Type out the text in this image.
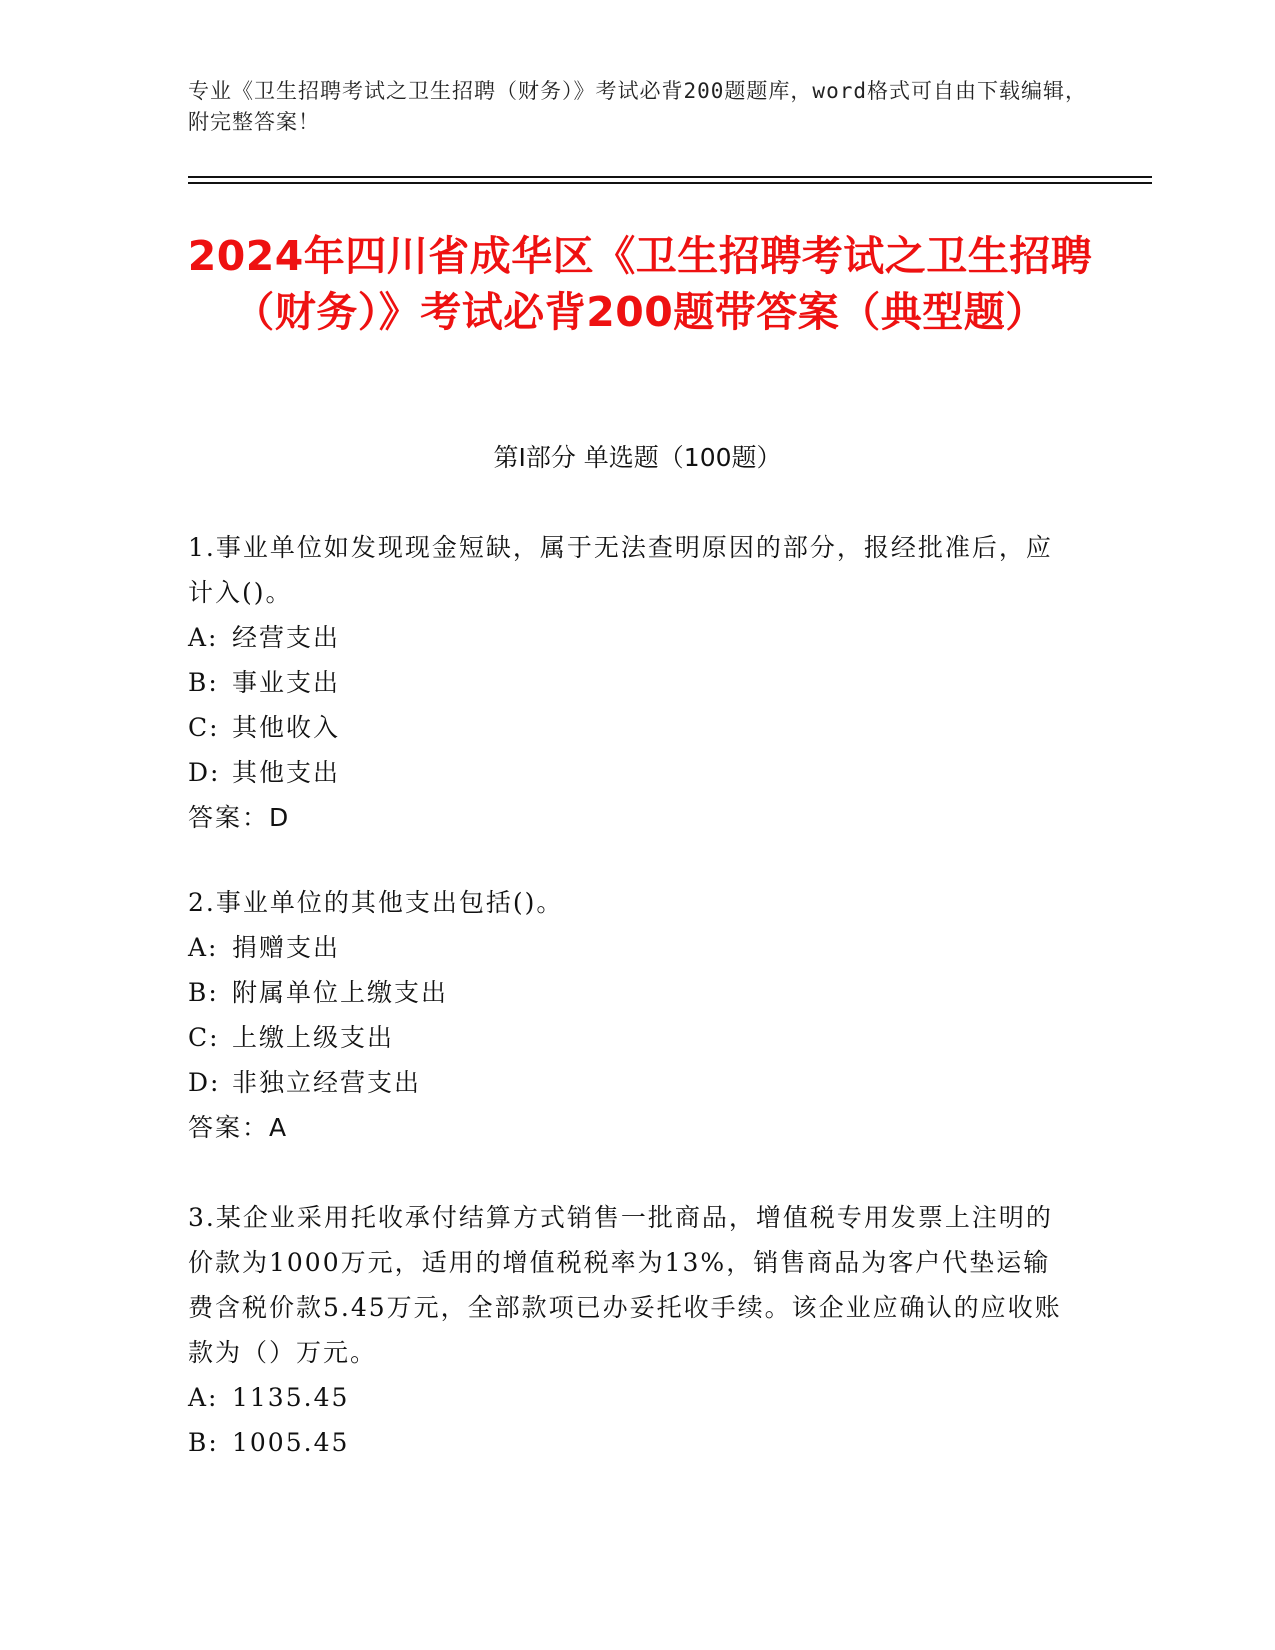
专业《卫生招聘考试之卫生招聘（财务）》考试必背200题题库，word格式可自由下载编辑，附完整答案！
2024年四川省成华区《卫生招聘考试之卫生招聘（财务）》考试必背200题带答案（典型题）
第Ⅰ部分 单选题（100题）
1.事业单位如发现现金短缺，属于无法查明原因的部分，报经批准后，应计入()。
A: 经营支出
B: 事业支出
C: 其他收入
D: 其他支出
答案：D
2.事业单位的其他支出包括()。
A: 捐赠支出
B: 附属单位上缴支出
C: 上缴上级支出
D: 非独立经营支出
答案：A
3.某企业采用托收承付结算方式销售一批商品，增值税专用发票上注明的价款为1000万元，适用的增值税税率为13%，销售商品为客户代垫运输费含税价款5.45万元，全部款项已办妥托收手续。该企业应确认的应收账款为（）万元。
A: 1135.45
B: 1005.45
